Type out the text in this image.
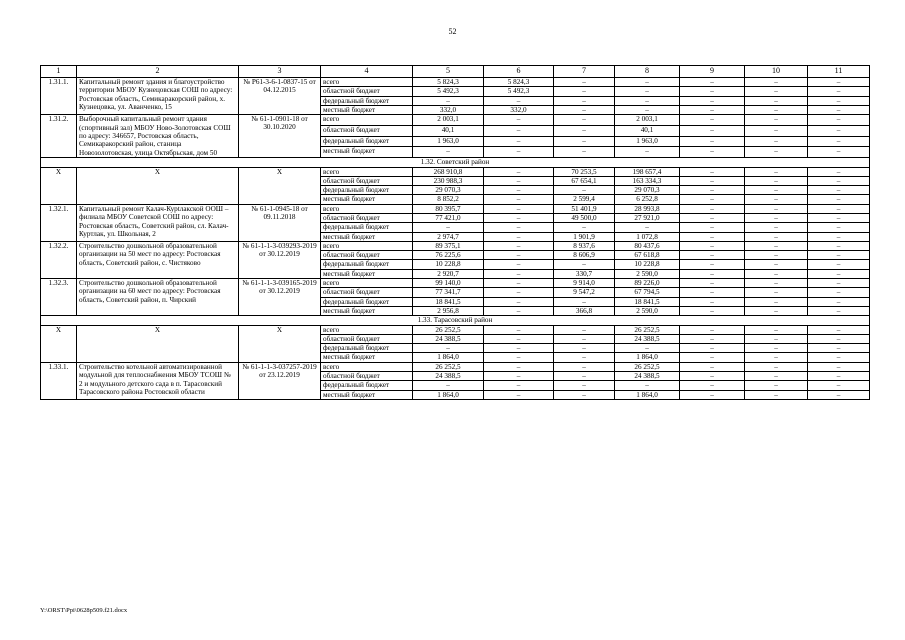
52
1	2	3	4	5	6	7	8	9	10	11
1.31.1.	Капитальный ремонт здания и благоустройство территории МБОУ Кузнецовская СОШ по адресу: Ростовская область, Семикаракорский район, х. Кузнецовка, ул. Аванченко, 15	№ Р61-3-6-1-0837-15 от 04.12.2015	всего	5 824,3	5 824,3	–	–	–	–	–
			областной бюджет	5 492,3	5 492,3	–	–	–	–	–
			федеральный бюджет	–	–	–	–	–	–	–
			местный бюджет	332,0	332,0	–	–	–	–	–
1.31.2.	Выборочный капитальный ремонт здания (спортивный зал) МБОУ Ново-Золотовская СОШ по адресу: 346657, Ростовская область, Семикаракорский район, станица Новозолотовская, улица Октябрьская, дом 50	№ 61-1-0901-18 от 30.10.2020	всего	2 003,1	–	–	2 003,1	–	–	–
			областной бюджет	40,1	–	–	40,1	–	–	–
			федеральный бюджет	1 963,0	–	–	1 963,0	–	–	–
			местный бюджет	–	–	–	–	–	–	–
1.32. Советский район										
X	X	X	всего	268 910,8	–	70 253,5	198 657,4	–	–	–
			областной бюджет	230 988,3	–	67 654,1	163 334,3	–	–	–
			федеральный бюджет	29 070,3	–	–	29 070,3	–	–	–
			местный бюджет	8 852,2	–	2 599,4	6 252,8	–	–	–
1.32.1.	Капитальный ремонт Калач-Курtлакской ООШ – филиала МБОУ Советской СОШ по адресу: Ростовская область, Советский район, сл. Калач-Куртлак, ул. Школьная, 2	№ 61-1-0945-18 от 09.11.2018	всего	80 395,7	–	51 401,9	28 993,8	–	–	–
			областной бюджет	77 421,0	–	49 500,0	27 921,0	–	–	–
			федеральный бюджет	–	–	–	–	–	–	–
			местный бюджет	2 974,7	–	1 901,9	1 072,8	–	–	–
1.32.2.	Строительство дошкольной образовательной организации на 50 мест по адресу: Ростовская область, Советский район, с. Чистяково	№ 61-1-1-3-039293-2019 от 30.12.2019	всего	89 375,1	–	8 937,6	80 437,6	–	–	–
			областной бюджет	76 225,6	–	8 606,9	67 618,8	–	–	–
			федеральный бюджет	10 228,8	–	–	10 228,8	–	–	–
			местный бюджет	2 920,7	–	330,7	2 590,0	–	–	–
1.32.3.	Строительство дошкольной образовательной организации на 60 мест по адресу: Ростовская область, Советский район, п. Чирский	№ 61-1-1-3-039165-2019 от 30.12.2019	всего	99 140,0	–	9 914,0	89 226,0	–	–	–
			областной бюджет	77 341,7	–	9 547,2	67 794,5	–	–	–
			федеральный бюджет	18 841,5	–	–	18 841,5	–	–	–
			местный бюджет	2 956,8	–	366,8	2 590,0	–	–	–
1.33. Тарасовский район										
X	X	X	всего	26 252,5	–	–	26 252,5	–	–	–
			областной бюджет	24 388,5	–	–	24 388,5	–	–	–
			федеральный бюджет	–	–	–	–	–	–	–
			местный бюджет	1 864,0	–	–	1 864,0	–	–	–
1.33.1.	Строительство котельной автоматизированной модульной для теплоснабжения МБОУ ТСОШ № 2 и модульного детского сада в п. Тарасовский Тарасовского района Ростовской области	№ 61-1-1-3-037257-2019 от 23.12.2019	всего	26 252,5	–	–	26 252,5	–	–	–
			областной бюджет	24 388,5	–	–	24 388,5	–	–	–
			федеральный бюджет	–	–	–	–	–	–	–
			местный бюджет	1 864,0	–	–	1 864,0	–	–	–
Y:\ORST\Ppi\0628p509.f21.docx
